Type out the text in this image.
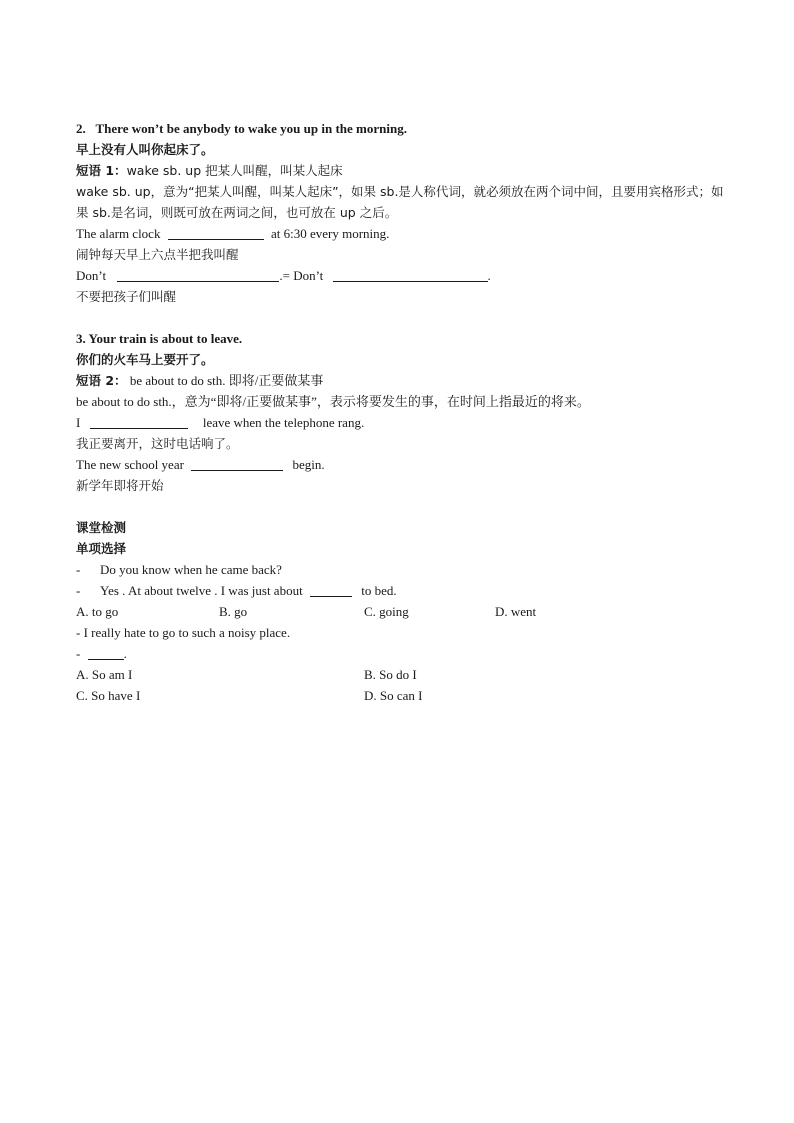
2.   There won’t be anybody to wake you up in the morning.
早上没有人叫你起床了。
短语 1：wake sb. up 把某人叫醒，叫某人起床
wake sb. up，意为“把某人叫醒，叫某人起床”，如果 sb.是人称代词，就必须放在两个词中间，且要用宾格形式；如果 sb.是名词，则既可放在两词之间，也可放在 up 之后。
The alarm clock	at 6:30 every morning.
闹钟每天早上六点半把我叫醒
Don’t	.= Don’t	.
不要把孩子们叫醒
3. Your train is about to leave.
你们的火车马上要开了。
短语 2： be about to do sth. 即将/正要做某事
be about to do sth.，意为“即将/正要做某事”，表示将要发生的事，在时间上指最近的将来。
I	leave when the telephone rang.
我正要离开，这时电话响了。
The new school year	begin.
新学年即将开始
课堂检测
单项选择
- Do you know when he came back?
- Yes . At about twelve . I was just about	to bed.
A. to go	B. go	C. going	D. went
- I really hate to go to such a noisy place.
-	.
A. So am I	B. So do I
C. So have I	D. So can I
